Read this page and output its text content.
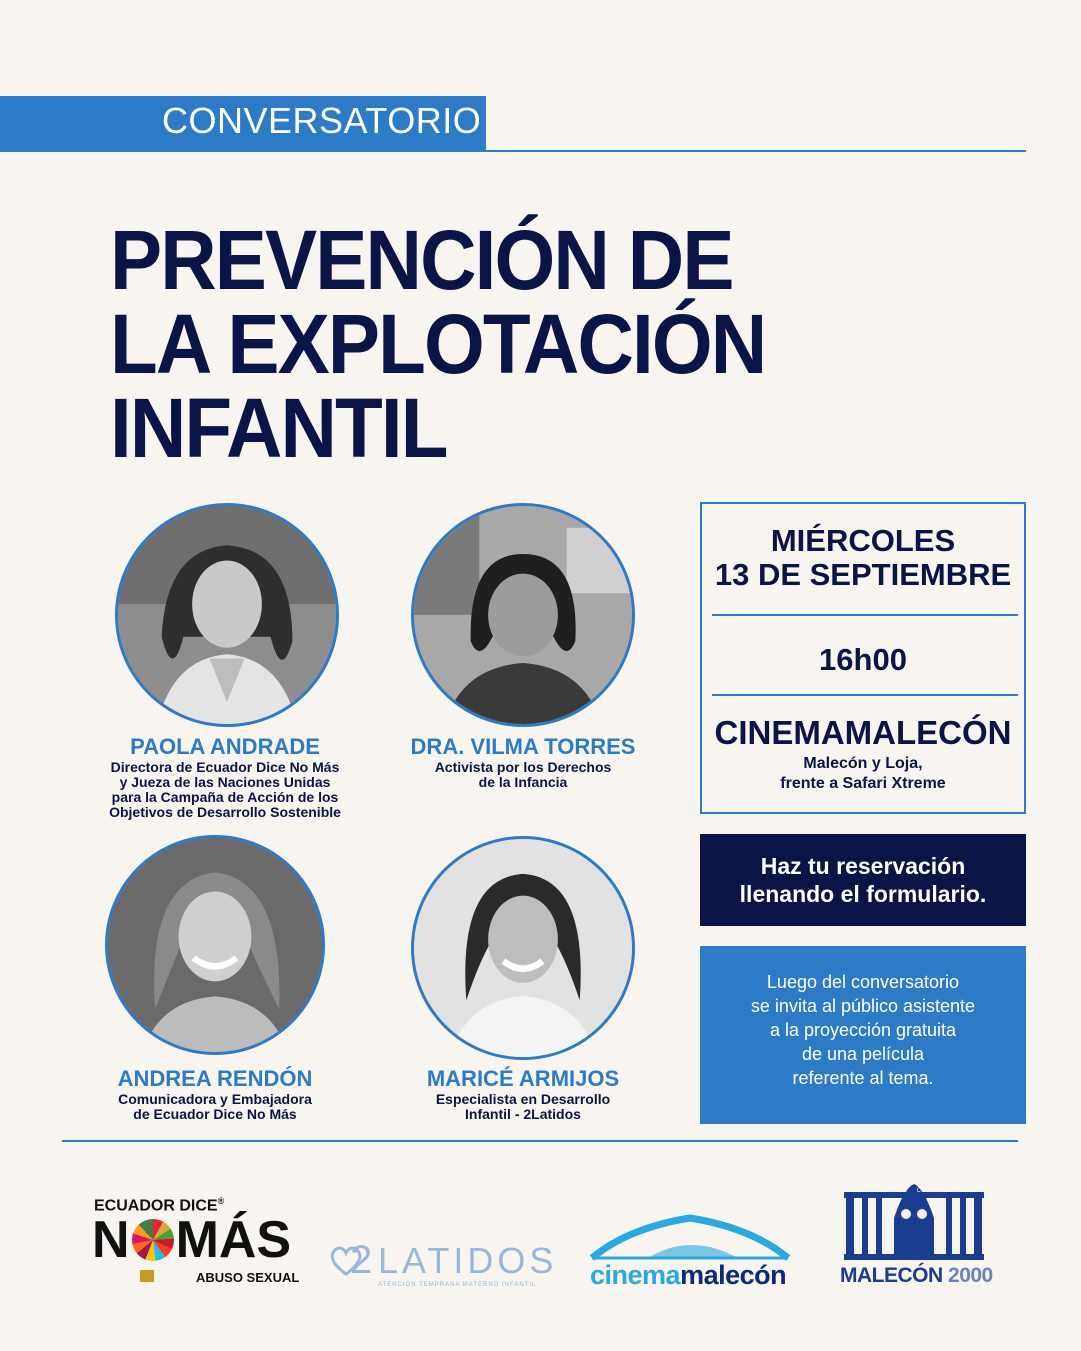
CONVERSATORIO
PREVENCIÓN DE
LA EXPLOTACIÓN
INFANTIL
PAOLA ANDRADE
Directora de Ecuador Dice No Más
y Jueza de las Naciones Unidas
para la Campaña de Acción de los
Objetivos de Desarrollo Sostenible
DRA. VILMA TORRES
Activista por los Derechos
de la Infancia
ANDREA RENDÓN
Comunicadora y Embajadora
de Ecuador Dice No Más
MARICÉ ARMIJOS
Especialista en Desarrollo
Infantil - 2Latidos
MIÉRCOLES
13 DE SEPTIEMBRE
16h00
CINEMAMALECÓN
Malecón y Loja,
frente a Safari Xtreme
Haz tu reservación
llenando el formulario.
Luego del conversatorio
se invita al público asistente
a la proyección gratuita
de una película
referente al tema.
ECUADOR DICE®
N MÁS
ABUSO SEXUAL 2 LATIDOS
ATENCIÓN TEMPRANA MATERNO INFANTIL cinemamalecón
FUNDACIÓN
MALECÓN 2000
